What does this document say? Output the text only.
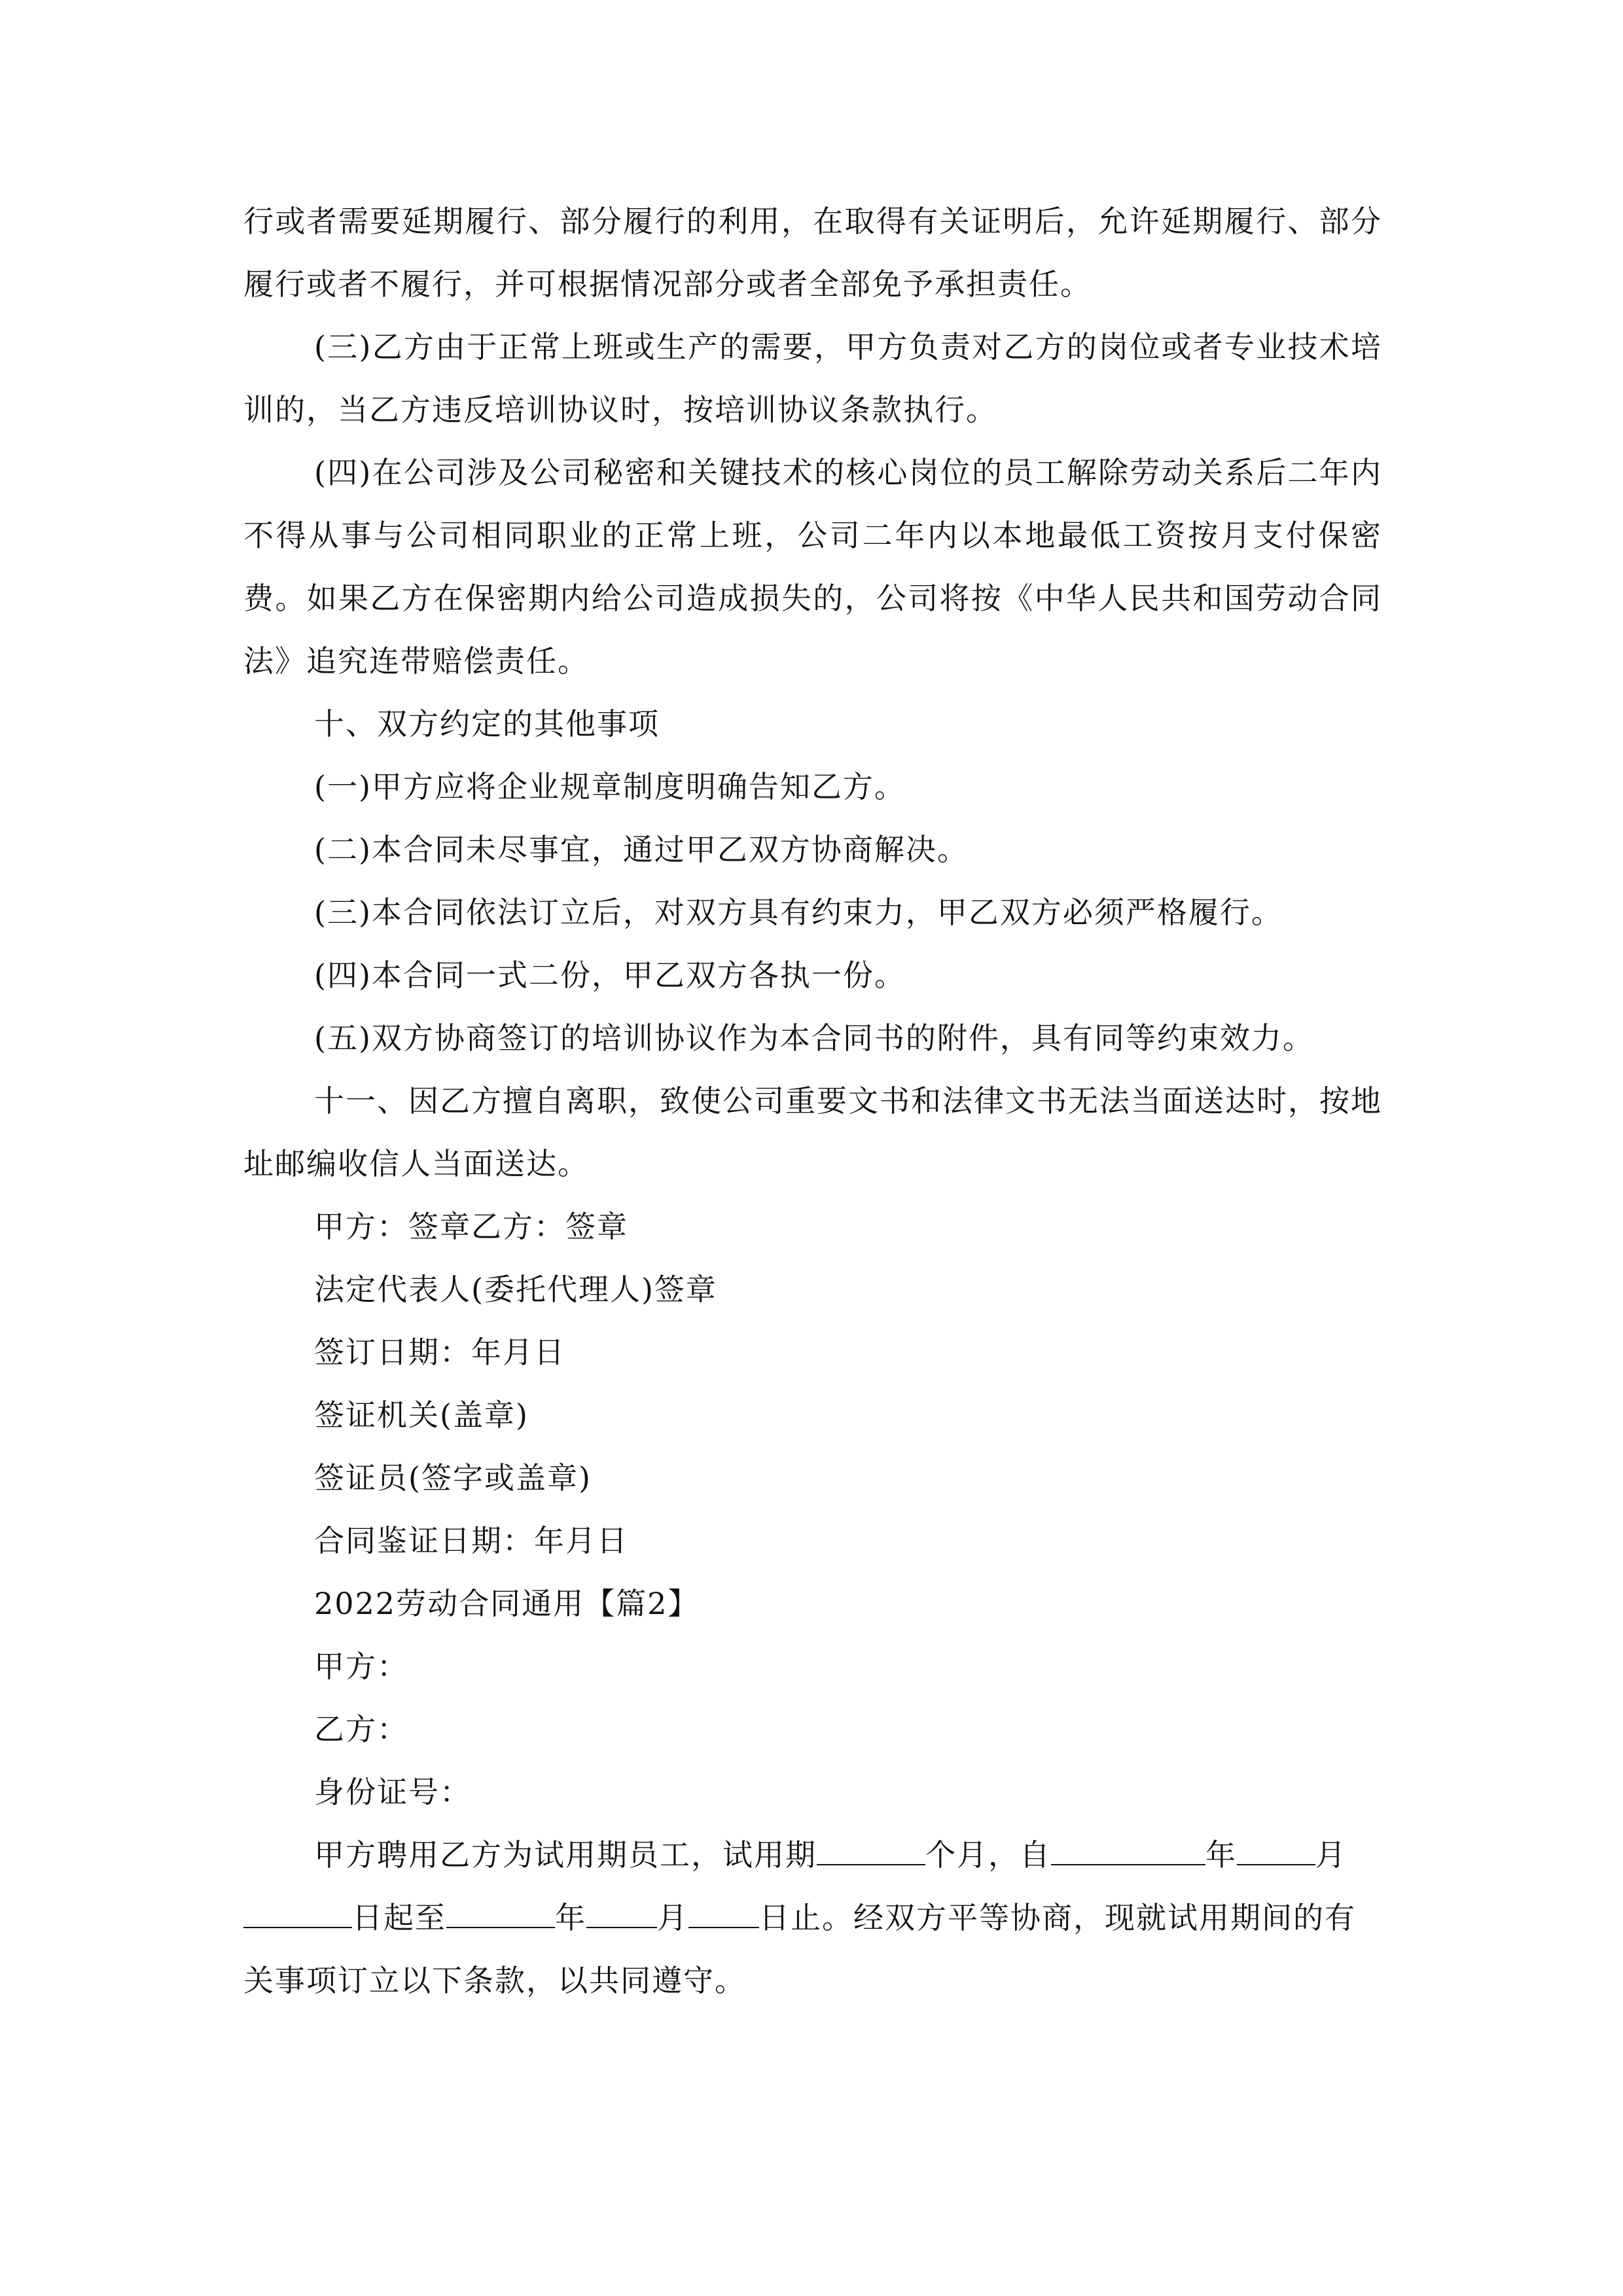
行或者需要延期履行、部分履行的利用，在取得有关证明后，允许延期履行、部分履行或者不履行，并可根据情况部分或者全部免予承担责任。

(三)乙方由于正常上班或生产的需要，甲方负责对乙方的岗位或者专业技术培训的，当乙方违反培训协议时，按培训协议条款执行。

(四)在公司涉及公司秘密和关键技术的核心岗位的员工解除劳动关系后二年内不得从事与公司相同职业的正常上班，公司二年内以本地最低工资按月支付保密费。如果乙方在保密期内给公司造成损失的，公司将按《中华人民共和国劳动合同法》追究连带赔偿责任。

十、双方约定的其他事项

(一)甲方应将企业规章制度明确告知乙方。

(二)本合同未尽事宜，通过甲乙双方协商解决。

(三)本合同依法订立后，对双方具有约束力，甲乙双方必须严格履行。

(四)本合同一式二份，甲乙双方各执一份。

(五)双方协商签订的培训协议作为本合同书的附件，具有同等约束效力。

十一、因乙方擅自离职，致使公司重要文书和法律文书无法当面送达时，按地址邮编收信人当面送达。

甲方：签章乙方：签章

法定代表人(委托代理人)签章

签订日期：年月日

签证机关(盖章)

签证员(签字或盖章)

合同鉴证日期：年月日

2022劳动合同通用【篇2】

甲方：

乙方：

身份证号：

甲方聘用乙方为试用期员工，试用期	个月，自	年	月
日起至	年 月 日止。经双方平等协商，现就试用期间的有关事项订立以下条款，以共同遵守。
